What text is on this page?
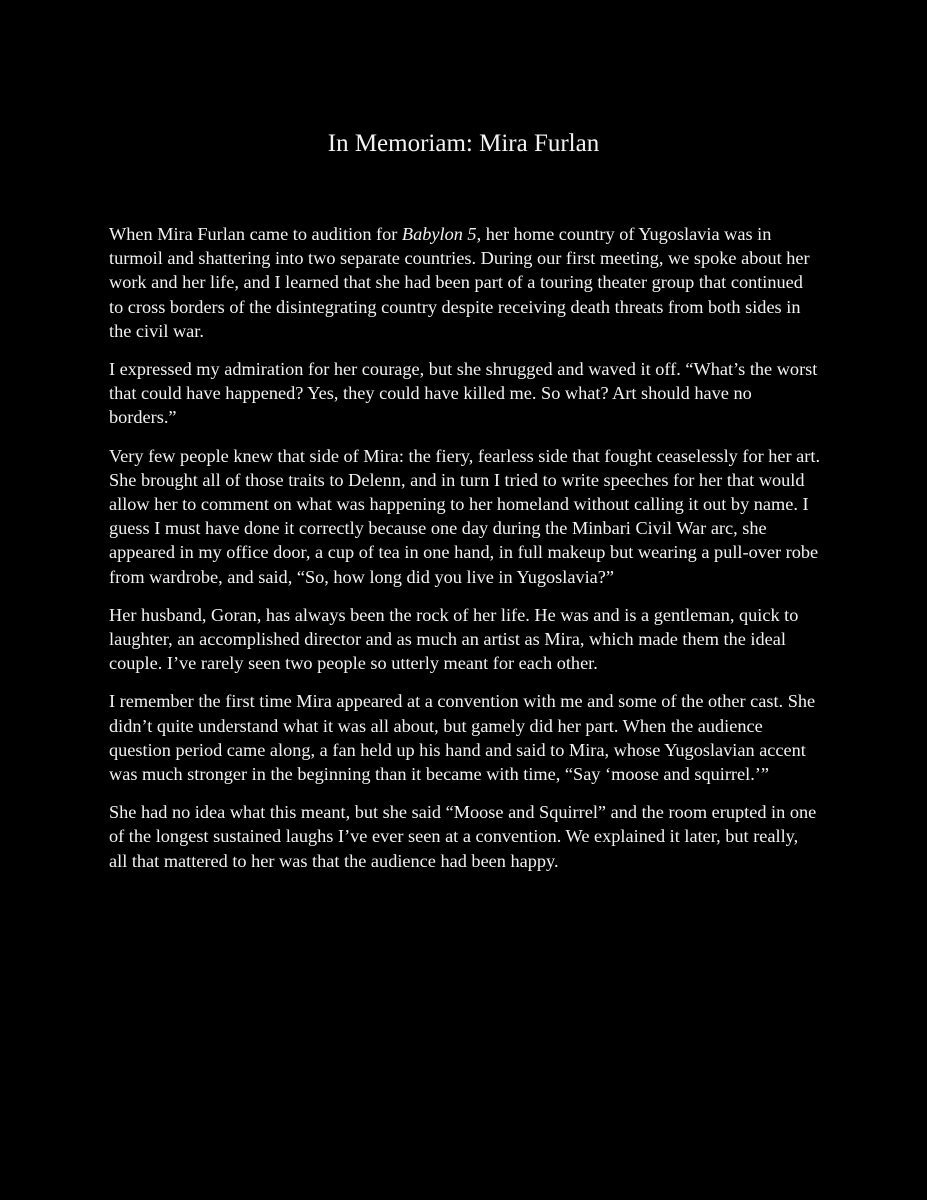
In Memoriam: Mira Furlan

When Mira Furlan came to audition for Babylon 5, her home country of Yugoslavia was in turmoil and shattering into two separate countries. During our first meeting, we spoke about her work and her life, and I learned that she had been part of a touring theater group that continued to cross borders of the disintegrating country despite receiving death threats from both sides in the civil war.

I expressed my admiration for her courage, but she shrugged and waved it off. “What’s the worst that could have happened? Yes, they could have killed me. So what? Art should have no borders.”

Very few people knew that side of Mira: the fiery, fearless side that fought ceaselessly for her art. She brought all of those traits to Delenn, and in turn I tried to write speeches for her that would allow her to comment on what was happening to her homeland without calling it out by name. I guess I must have done it correctly because one day during the Minbari Civil War arc, she appeared in my office door, a cup of tea in one hand, in full makeup but wearing a pull-over robe from wardrobe, and said, “So, how long did you live in Yugoslavia?”

Her husband, Goran, has always been the rock of her life. He was and is a gentleman, quick to laughter, an accomplished director and as much an artist as Mira, which made them the ideal couple. I’ve rarely seen two people so utterly meant for each other.

I remember the first time Mira appeared at a convention with me and some of the other cast. She didn’t quite understand what it was all about, but gamely did her part. When the audience question period came along, a fan held up his hand and said to Mira, whose Yugoslavian accent was much stronger in the beginning than it became with time, “Say ‘moose and squirrel.’”

She had no idea what this meant, but she said “Moose and Squirrel” and the room erupted in one of the longest sustained laughs I’ve ever seen at a convention. We explained it later, but really, all that mattered to her was that the audience had been happy.
